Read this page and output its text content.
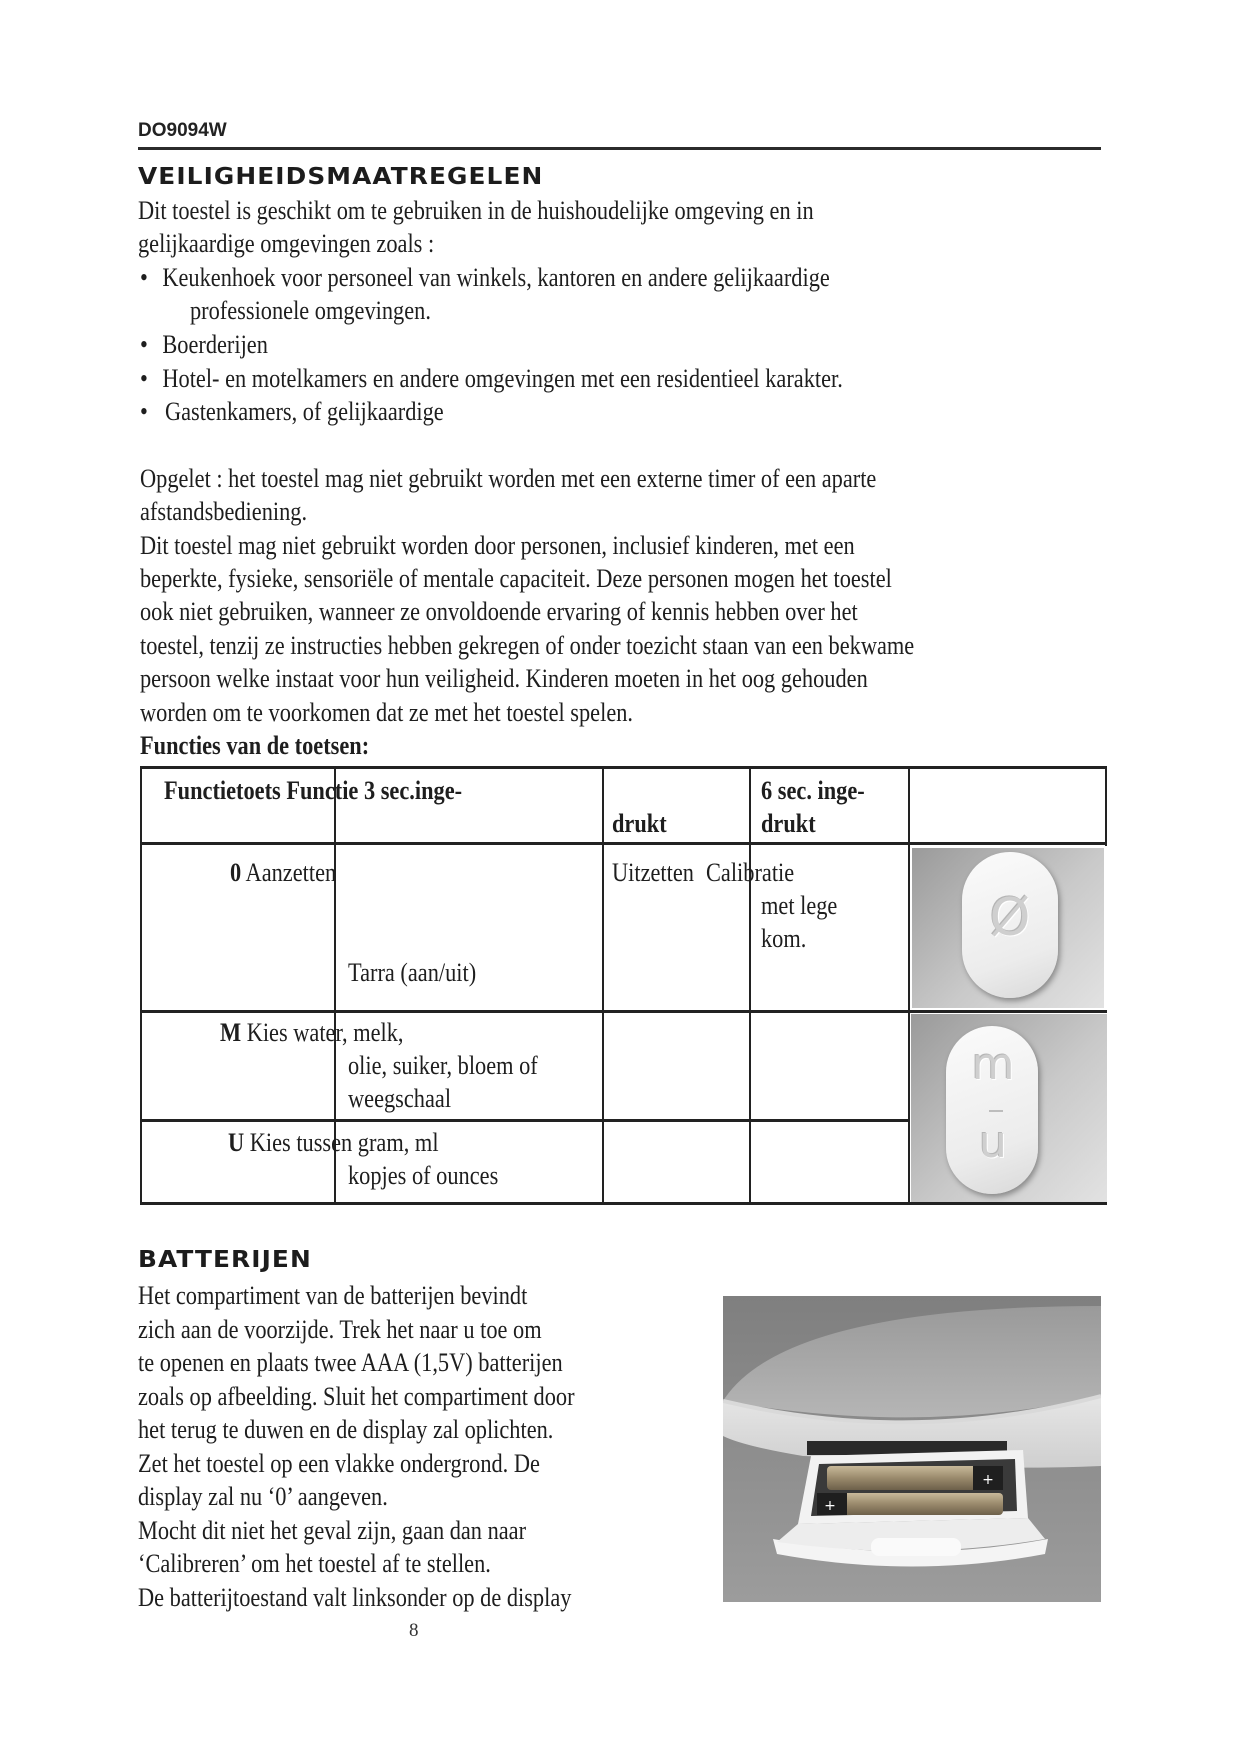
DO9094W
VEILIGHEIDSMAATREGELEN
Dit toestel is geschikt om te gebruiken in de huishoudelijke omgeving en in
gelijkaardige omgevingen zoals :
• Keukenhoek voor personeel van winkels, kantoren en andere gelijkaardige
professionele omgevingen.
• Boerderijen
• Hotel- en motelkamers en andere omgevingen met een residentieel karakter.
• Gastenkamers, of gelijkaardige
Opgelet : het toestel mag niet gebruikt worden met een externe timer of een aparte
afstandsbediening.
Dit toestel mag niet gebruikt worden door personen, inclusief kinderen, met een
beperkte, fysieke, sensoriële of mentale capaciteit. Deze personen mogen het toestel
ook niet gebruiken, wanneer ze onvoldoende ervaring of kennis hebben over het
toestel, tenzij ze instructies hebben gekregen of onder toezicht staan van een bekwame
persoon welke instaat voor hun veiligheid. Kinderen moeten in het oog gehouden
worden om te voorkomen dat ze met het toestel spelen.
Functies van de toetsen:
Functietoets Functie 3 sec.inge-
drukt
6 sec. inge-
drukt
0 Aanzetten
Tarra (aan/uit)
Uitzetten Calibratie
met lege
kom.	Ø
M Kies water, melk,
olie, suiker, bloem of
weegschaal
U Kies tussen gram, ml
kopjes of ounces
m
u
BATTERIJEN
Het compartiment van de batterijen bevindt
zich aan de voorzijde. Trek het naar u toe om
te openen en plaats twee AAA (1,5V) batterijen
zoals op afbeelding. Sluit het compartiment door
het terug te duwen en de display zal oplichten.
Zet het toestel op een vlakke ondergrond. De
display zal nu ‘0’ aangeven.
Mocht dit niet het geval zijn, gaan dan naar
‘Calibreren’ om het toestel af te stellen.
De batterijtoestand valt linksonder op de display
+
+
8
